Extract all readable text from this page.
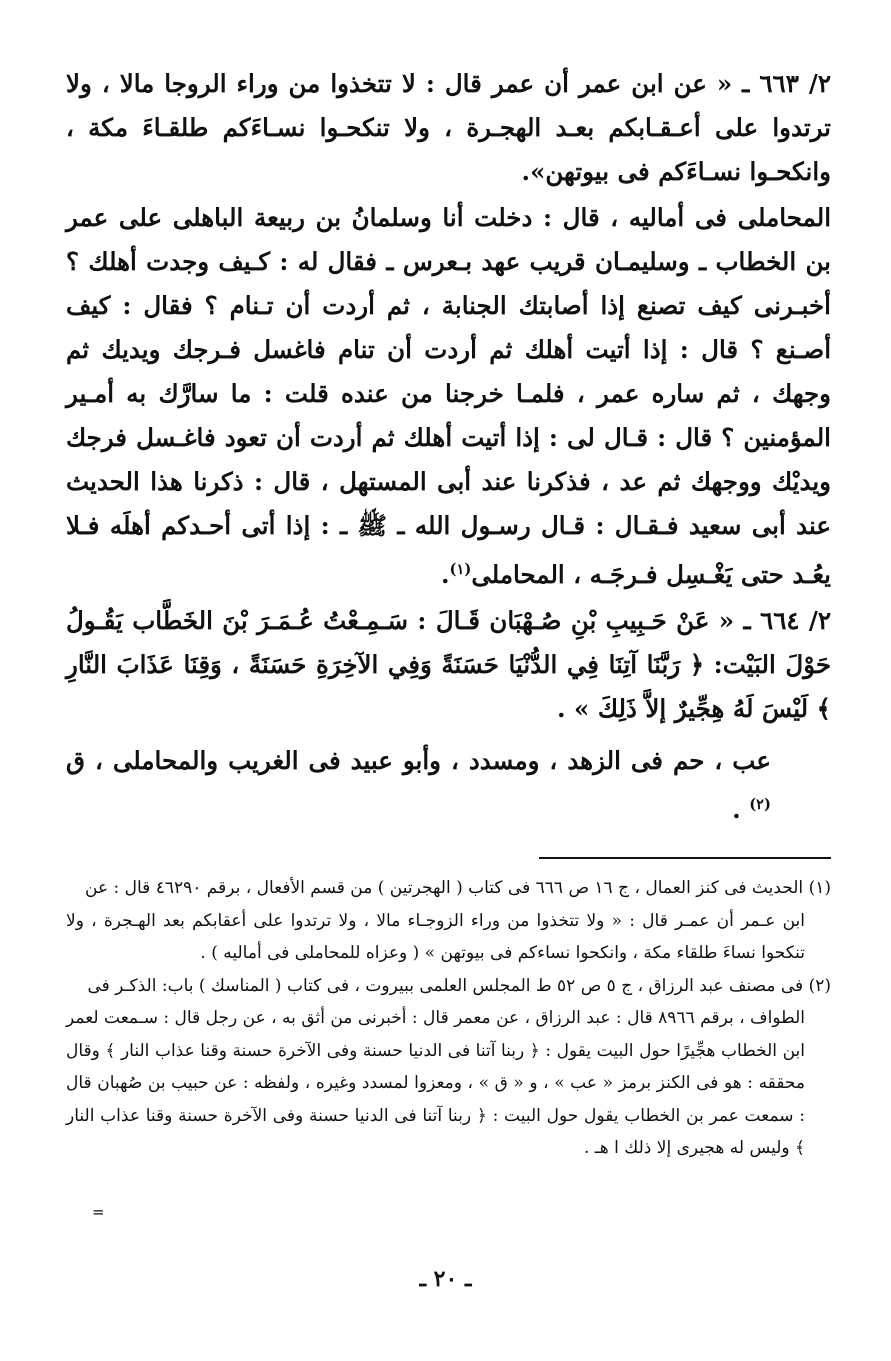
٢/ ٦٦٣ ـ « عن ابن عمر أن عمر قال : لا تتخذوا من وراء الروجا مالا ، ولا ترتدوا على أعـقـابكم بعـد الهجـرة ، ولا تنكحـوا نسـاءَكم طلقـاءَ مكة ، وانكحـوا نسـاءَكم فى بيوتهن».

المحاملى فى أماليه ، قال : دخلت أنا وسلمانُ بن ربيعة الباهلى على عمر بن الخطاب ـ وسليمـان قريب عهد بـعرس ـ فقال له : كـيف وجدت أهلك ؟ أخبـرنى كيف تصنع إذا أصابتك الجنابة ، ثم أردت أن تـنام ؟ فقال : كيف أصـنع ؟ قال : إذا أتيت أهلك ثم أردت أن تنام فاغسل فـرجك ويديك ثم وجهك ، ثم ساره عمر ، فلمـا خرجنا من عنده قلت : ما سارَّك به أمـير المؤمنين ؟ قال : قـال لى : إذا أتيت أهلك ثم أردت أن تعود فاغـسل فرجك ويديْك ووجهك ثم عد ، فذكرنا عند أبى المستهل ، قال : ذكرنا هذا الحديث عند أبى سعيد فـقـال : قـال رسـول الله ـ ﷺ ـ : إذا أتى أحـدكم أهلَه فـلا يعُـد حتى يَغْـسِل فـرجَـه ، المحاملى$^{(١)}$.

٢/ ٦٦٤ ـ « عَنْ حَـبِيبِ بْنِ صُـهْبَان قَـالَ : سَـمِـعْتُ عُـمَـرَ بْنَ الخَطَّاب يَقُـولُ حَوْلَ البَيْت: ﴿ رَبَّنَا آتِنَا فِي الدُّنْيَا حَسَنَةً وَفِي الآخِرَةِ حَسَنَةً ، وَقِنَا عَذَابَ النَّارِ ﴾ لَيْسَ لَهُ هِجِّيرٌ إلاَّ ذَلِكَ » .

عب ، حم فى الزهد ، ومسدد ، وأبو عبيد فى الغريب والمحاملى ، ق $^{(٢)}$ .

(١) الحديث فى كنز العمال ، ج ١٦ ص ٦٦٦ فى كتاب ( الهجرتين ) من قسم الأفعال ، برقم ٤٦٢٩٠ قال : عن
ابن عـمر أن عمـر قال : « ولا تتخذوا من وراء الزوجـاء مالا ، ولا ترتدوا على أعقابكم بعد الهـجرة ، ولا تنكحوا نساءَ طلقاء مكة ، وانكحوا نساءكم فى بيوتهن » ( وعزاه للمحاملى فى أماليه ) .

(٢) فى مصنف عبد الرزاق ، ج ٥ ص ٥٢ ط المجلس العلمى ببيروت ، فى كتاب ( المناسك ) باب: الذكـر فى
الطواف ، برقم ٨٩٦٦ قال : عبد الرزاق ، عن معمر قال : أخبرنى من أثق به ، عن رجل قال : سـمعت لعمر ابن الخطاب هجِّيرًا حول البيت يقول : ﴿ ربنا آتنا فى الدنيا حسنة وفى الآخرة حسنة وقنا عذاب النار ﴾ وقال محققه : هو فى الكنز برمز « عب » ، و « ق » ، ومعزوا لمسدد وغيره ، ولفظه : عن حبيب بن صُهبان قال : سمعت عمر بن الخطاب يقول حول البيت : ﴿ ربنا آتنا فى الدنيا حسنة وفى الآخرة حسنة وقنا عذاب النار ﴾ وليس له هجيرى إلا ذلك ا هـ .

=
ـ ٢٠ ـ
